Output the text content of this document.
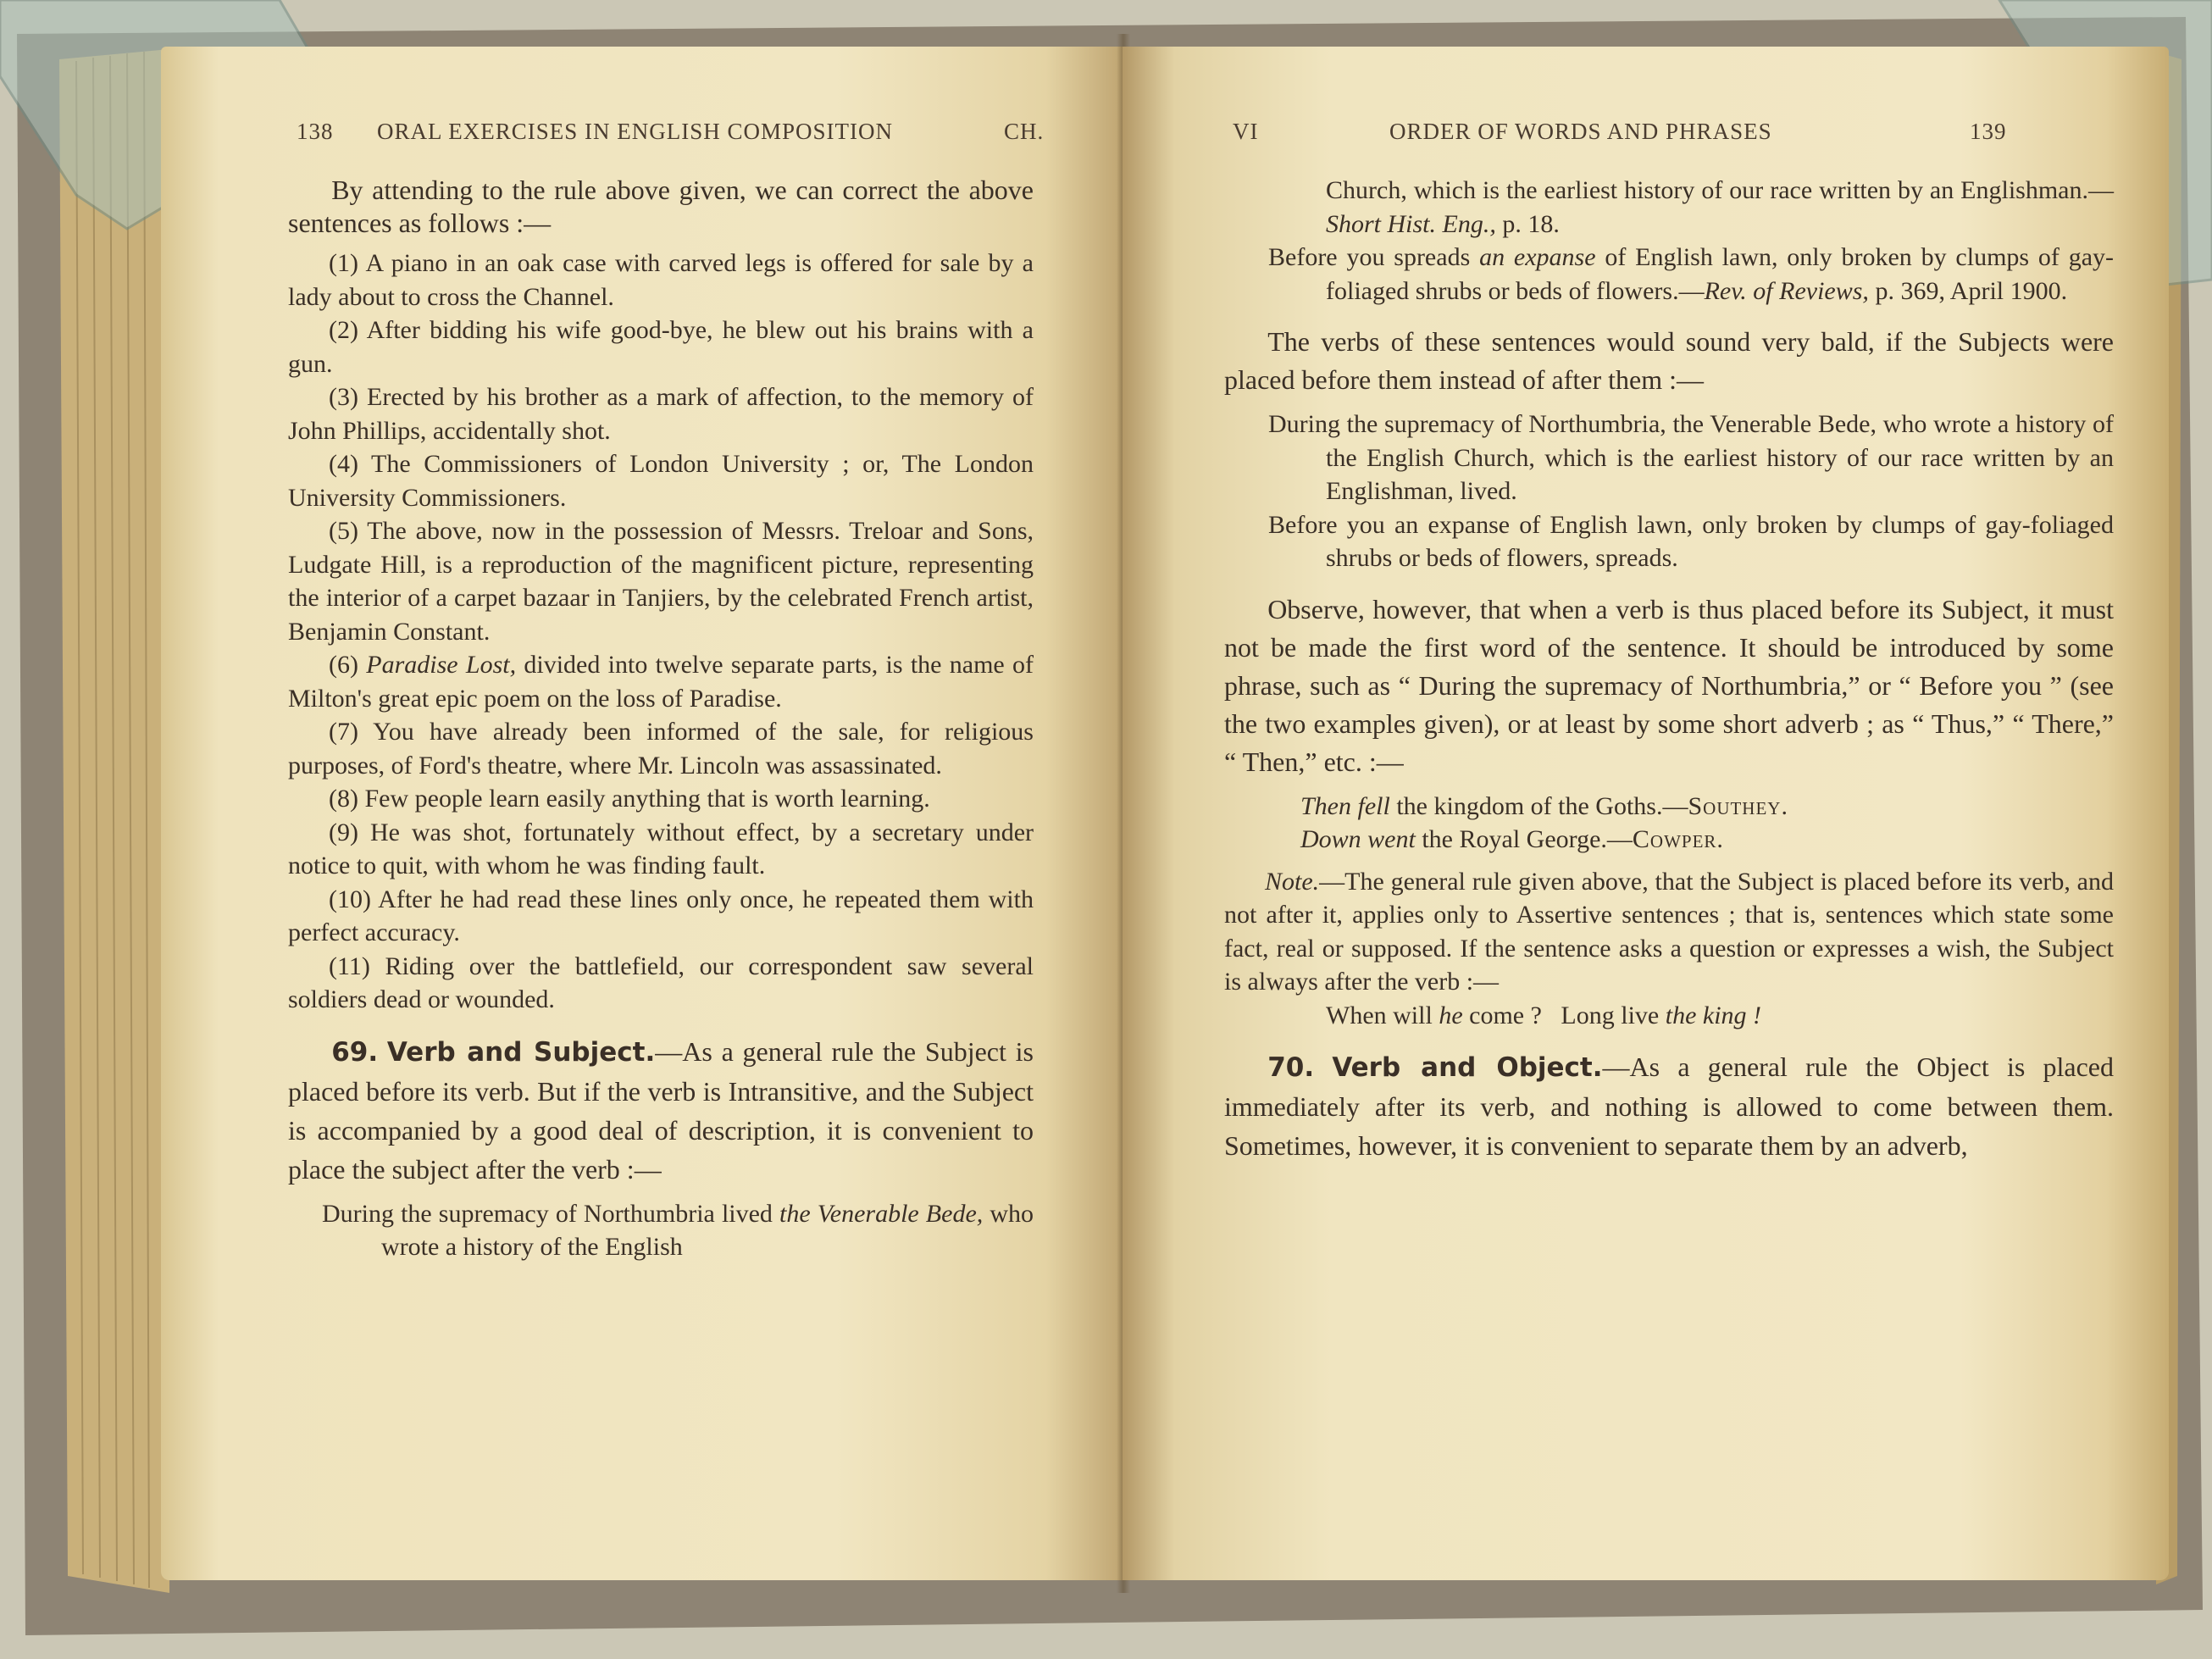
138 ORAL EXERCISES IN ENGLISH COMPOSITION	CH.

By attending to the rule above given, we can correct the above sentences as follows :—

(1) A piano in an oak case with carved legs is offered for sale by a lady about to cross the Channel.

(2) After bidding his wife good-bye, he blew out his brains with a gun.

(3) Erected by his brother as a mark of affection, to the memory of John Phillips, accidentally shot.

(4) The Commissioners of London University ; or, The London University Commissioners.

(5) The above, now in the possession of Messrs. Treloar and Sons, Ludgate Hill, is a reproduction of the magnificent picture, representing the interior of a carpet bazaar in Tanjiers, by the celebrated French artist, Benjamin Constant.

(6) Paradise Lost, divided into twelve separate parts, is the name of Milton's great epic poem on the loss of Paradise.

(7) You have already been informed of the sale, for religious purposes, of Ford's theatre, where Mr. Lincoln was assassinated.

(8) Few people learn easily anything that is worth learning.

(9) He was shot, fortunately without effect, by a secretary under notice to quit, with whom he was finding fault.

(10) After he had read these lines only once, he repeated them with perfect accuracy.

(11) Riding over the battlefield, our correspondent saw several soldiers dead or wounded.

69. Verb and Subject.—As a general rule the Subject is placed before its verb. But if the verb is Intransitive, and the Subject is accompanied by a good deal of description, it is convenient to place the subject after the verb :—

During the supremacy of Northumbria lived the Venerable Bede, who wrote a history of the English

VI	ORDER OF WORDS AND PHRASES	139

Church, which is the earliest history of our race written by an Englishman.—Short Hist. Eng., p. 18.

Before you spreads an expanse of English lawn, only broken by clumps of gay-foliaged shrubs or beds of flowers.—Rev. of Reviews, p. 369, April 1900.

The verbs of these sentences would sound very bald, if the Subjects were placed before them instead of after them :—

During the supremacy of Northumbria, the Venerable Bede, who wrote a history of the English Church, which is the earliest history of our race written by an Englishman, lived.

Before you an expanse of English lawn, only broken by clumps of gay-foliaged shrubs or beds of flowers, spreads.

Observe, however, that when a verb is thus placed before its Subject, it must not be made the first word of the sentence. It should be introduced by some phrase, such as “ During the supremacy of Northumbria,” or “ Before you ” (see the two examples given), or at least by some short adverb ; as “ Thus,” “ There,” “ Then,” etc. :—

Then fell the kingdom of the Goths.—Southey.

Down went the Royal George.—Cowper.

Note.—The general rule given above, that the Subject is placed before its verb, and not after it, applies only to Assertive sentences ; that is, sentences which state some fact, real or supposed. If the sentence asks a question or expresses a wish, the Subject is always after the verb :—

When will he come ?   Long live the king !

70. Verb and Object.—As a general rule the Object is placed immediately after its verb, and nothing is allowed to come between them. Sometimes, however, it is convenient to separate them by an adverb,
